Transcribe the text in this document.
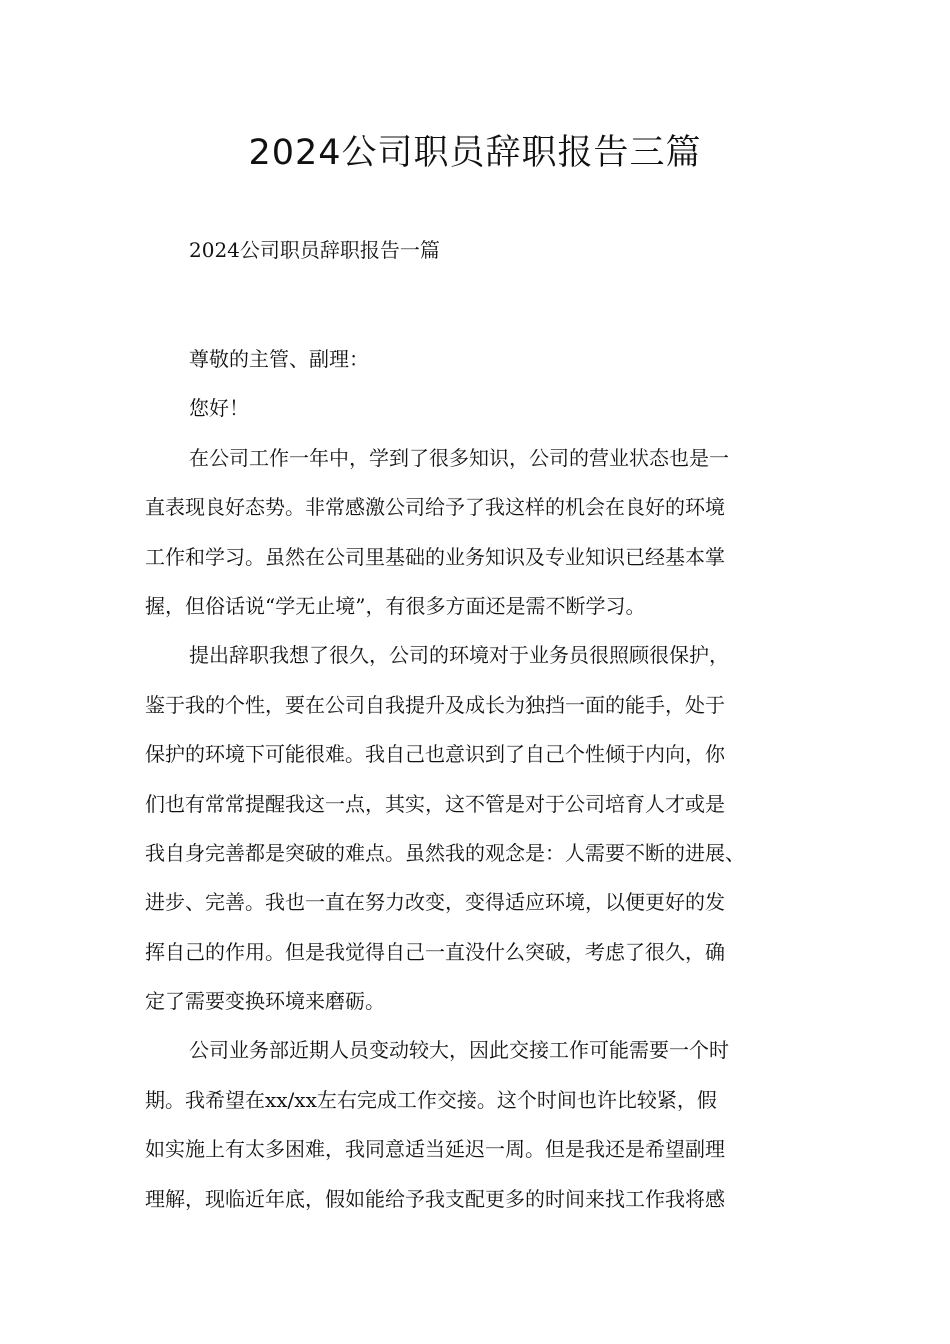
2024公司职员辞职报告三篇

2024公司职员辞职报告一篇

尊敬的主管、副理：
您好！
在公司工作一年中，学到了很多知识，公司的营业状态也是一
直表现良好态势。非常感激公司给予了我这样的机会在良好的环境
工作和学习。虽然在公司里基础的业务知识及专业知识已经基本掌
握，但俗话说“学无止境”，有很多方面还是需不断学习。
提出辞职我想了很久，公司的环境对于业务员很照顾很保护，
鉴于我的个性，要在公司自我提升及成长为独挡一面的能手，处于
保护的环境下可能很难。我自己也意识到了自己个性倾于内向，你
们也有常常提醒我这一点，其实，这不管是对于公司培育人才或是
我自身完善都是突破的难点。虽然我的观念是：人需要不断的进展、
进步、完善。我也一直在努力改变，变得适应环境，以便更好的发
挥自己的作用。但是我觉得自己一直没什么突破，考虑了很久，确
定了需要变换环境来磨砺。
公司业务部近期人员变动较大，因此交接工作可能需要一个时
期。我希望在xx/xx左右完成工作交接。这个时间也许比较紧，假
如实施上有太多困难，我同意适当延迟一周。但是我还是希望副理
理解，现临近年底，假如能给予我支配更多的时间来找工作我将感
